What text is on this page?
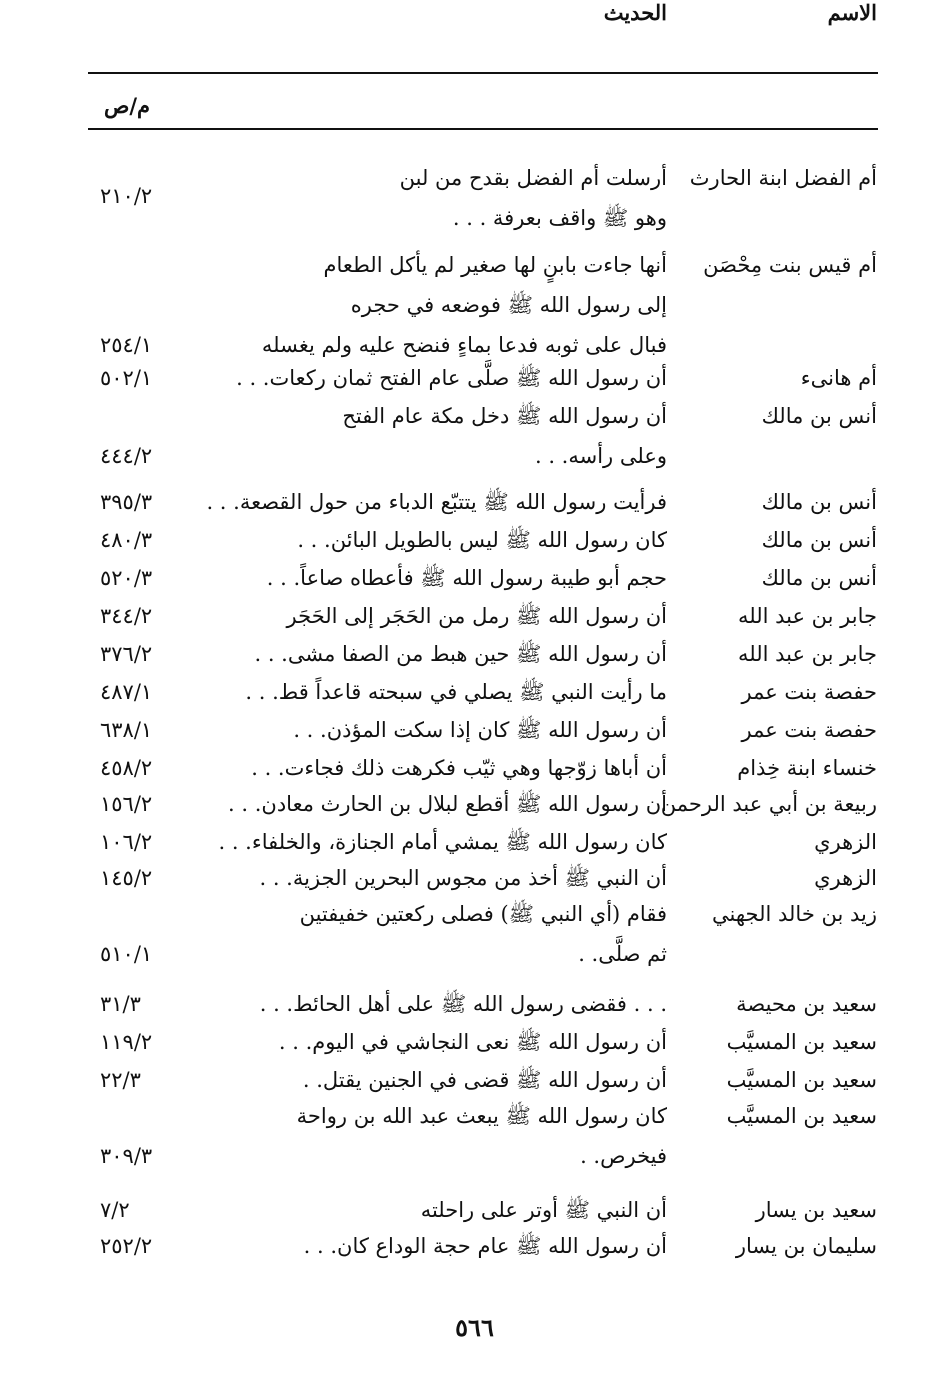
الاسم
الحديث
م/ص
أم الفضل ابنة الحارث
أرسلت أم الفضل بقدح من لبن
وهو ﷺ واقف بعرفة . . .
٢١٠/٢
أم قيس بنت مِحْصَن
أنها جاءت بابنٍ لها صغير لم يأكل الطعام
إلى رسول الله ﷺ فوضعه في حجره
فبال على ثوبه فدعا بماءٍ فنضح عليه ولم يغسله
٢٥٤/١
أم هانىء
أن رسول الله ﷺ صلَّى عام الفتح ثمان ركعات. . .
٥٠٢/١
أنس بن مالك
أن رسول الله ﷺ دخل مكة عام الفتح
وعلى رأسه. . .
٤٤٤/٢
أنس بن مالك
فرأيت رسول الله ﷺ يتتبّع الدباء من حول القصعة. . .
٣٩٥/٣
أنس بن مالك
كان رسول الله ﷺ ليس بالطويل البائن. . .
٤٨٠/٣
أنس بن مالك
حجم أبو طيبة رسول الله ﷺ فأعطاه صاعاً. . .
٥٢٠/٣
جابر بن عبد الله
أن رسول الله ﷺ رمل من الحَجَر إلى الحَجَر
٣٤٤/٢
جابر بن عبد الله
أن رسول الله ﷺ حين هبط من الصفا مشى. . .
٣٧٦/٢
حفصة بنت عمر
ما رأيت النبي ﷺ يصلي في سبحته قاعداً قط. . .
٤٨٧/١
حفصة بنت عمر
أن رسول الله ﷺ كان إذا سكت المؤذن. . .
٦٣٨/١
خنساء ابنة خِذام
أن أباها زوّجها وهي ثيّب فكرهت ذلك فجاءت. . .
٤٥٨/٢
ربيعة بن أبي عبد الرحمن
أن رسول الله ﷺ أقطع لبلال بن الحارث معادن. . .
١٥٦/٢
الزهري
كان رسول الله ﷺ يمشي أمام الجنازة، والخلفاء. . .
١٠٦/٢
الزهري
أن النبي ﷺ أخذ من مجوس البحرين الجزية. . .
١٤٥/٢
زيد بن خالد الجهني
فقام (أي النبي ﷺ) فصلى ركعتين خفيفتين
ثم صلَّى. .
٥١٠/١
سعيد بن محيصة
. . . فقضى رسول الله ﷺ على أهل الحائط. . .
٣١/٣
سعيد بن المسيَّب
أن رسول الله ﷺ نعى النجاشي في اليوم. . .
١١٩/٢
سعيد بن المسيَّب
أن رسول الله ﷺ قضى في الجنين يقتل. .
٢٢/٣
سعيد بن المسيَّب
كان رسول الله ﷺ يبعث عبد الله بن رواحة
فيخرص. .
٣٠٩/٣
سعيد بن يسار
أن النبي ﷺ أوتر على راحلته
٧/٢
سليمان بن يسار
أن رسول الله ﷺ عام حجة الوداع كان. . .
٢٥٢/٢
٥٦٦
